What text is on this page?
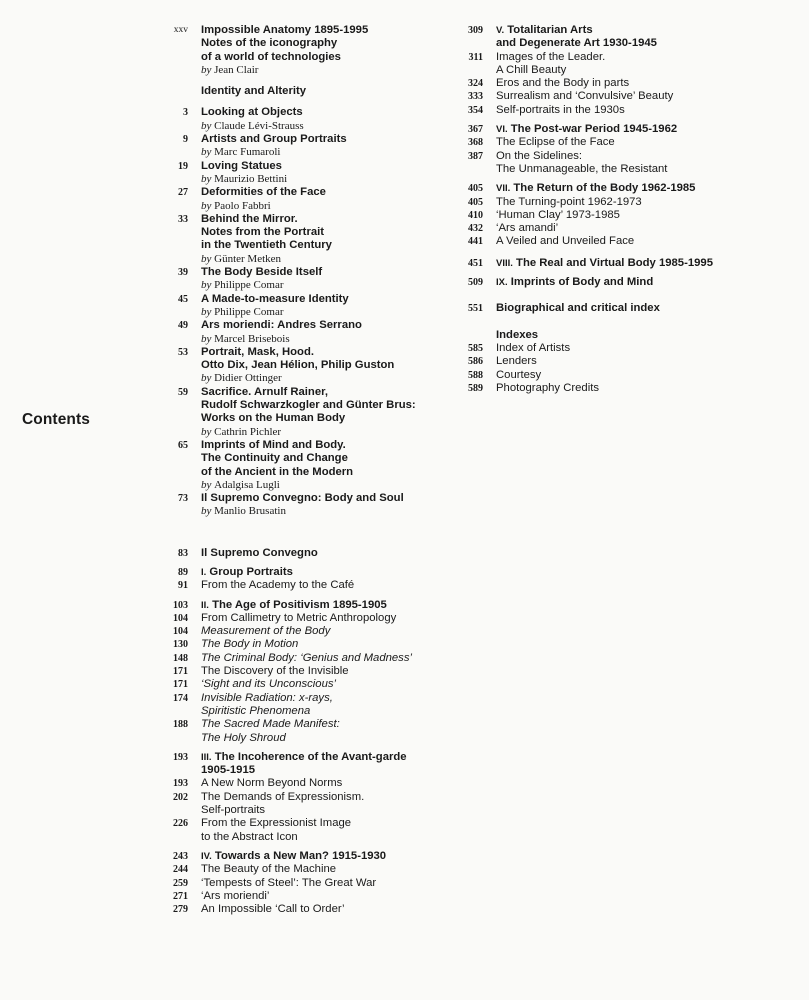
Contents
xxv Impossible Anatomy 1895-1995
Notes of the iconography
of a world of technologies
by Jean Clair
Identity and Alterity
3 Looking at Objects
by Claude Lévi-Strauss
9 Artists and Group Portraits
by Marc Fumaroli
19 Loving Statues
by Maurizio Bettini
27 Deformities of the Face
by Paolo Fabbri
33 Behind the Mirror.
Notes from the Portrait
in the Twentieth Century
by Günter Metken
39 The Body Beside Itself
by Philippe Comar
45 A Made-to-measure Identity
by Philippe Comar
49 Ars moriendi: Andres Serrano
by Marcel Brisebois
53 Portrait, Mask, Hood.
Otto Dix, Jean Hélion, Philip Guston
by Didier Ottinger
59 Sacrifice. Arnulf Rainer,
Rudolf Schwarzkogler and Günter Brus:
Works on the Human Body
by Cathrin Pichler
65 Imprints of Mind and Body.
The Continuity and Change
of the Ancient in the Modern
by Adalgisa Lugli
73 Il Supremo Convegno: Body and Soul
by Manlio Brusatin
83 Il Supremo Convegno
89 I. Group Portraits
91 From the Academy to the Café
103 II. The Age of Positivism 1895-1905
104 From Callimetry to Metric Anthropology
104 Measurement of the Body
130 The Body in Motion
148 The Criminal Body: ‘Genius and Madness’
171 The Discovery of the Invisible
171 ‘Sight and its Unconscious’
174 Invisible Radiation: x-rays,
Spiritistic Phenomena
188 The Sacred Made Manifest:
The Holy Shroud
193 III. The Incoherence of the Avant-garde
1905-1915
193 A New Norm Beyond Norms
202 The Demands of Expressionism.
Self-portraits
226 From the Expressionist Image
to the Abstract Icon
243 IV. Towards a New Man? 1915-1930
244 The Beauty of the Machine
259 ‘Tempests of Steel’: The Great War
271 ‘Ars moriendi’
279 An Impossible ‘Call to Order’
309 V. Totalitarian Arts
and Degenerate Art 1930-1945
311 Images of the Leader.
A Chill Beauty
324 Eros and the Body in parts
333 Surrealism and ‘Convulsive’ Beauty
354 Self-portraits in the 1930s
367 VI. The Post-war Period 1945-1962
368 The Eclipse of the Face
387 On the Sidelines:
The Unmanageable, the Resistant
405 VII. The Return of the Body 1962-1985
405 The Turning-point 1962-1973
410 ‘Human Clay’ 1973-1985
432 ‘Ars amandi’
441 A Veiled and Unveiled Face
451 VIII. The Real and Virtual Body 1985-1995
509 IX. Imprints of Body and Mind
551 Biographical and critical index
Indexes
585 Index of Artists
586 Lenders
588 Courtesy
589 Photography Credits
